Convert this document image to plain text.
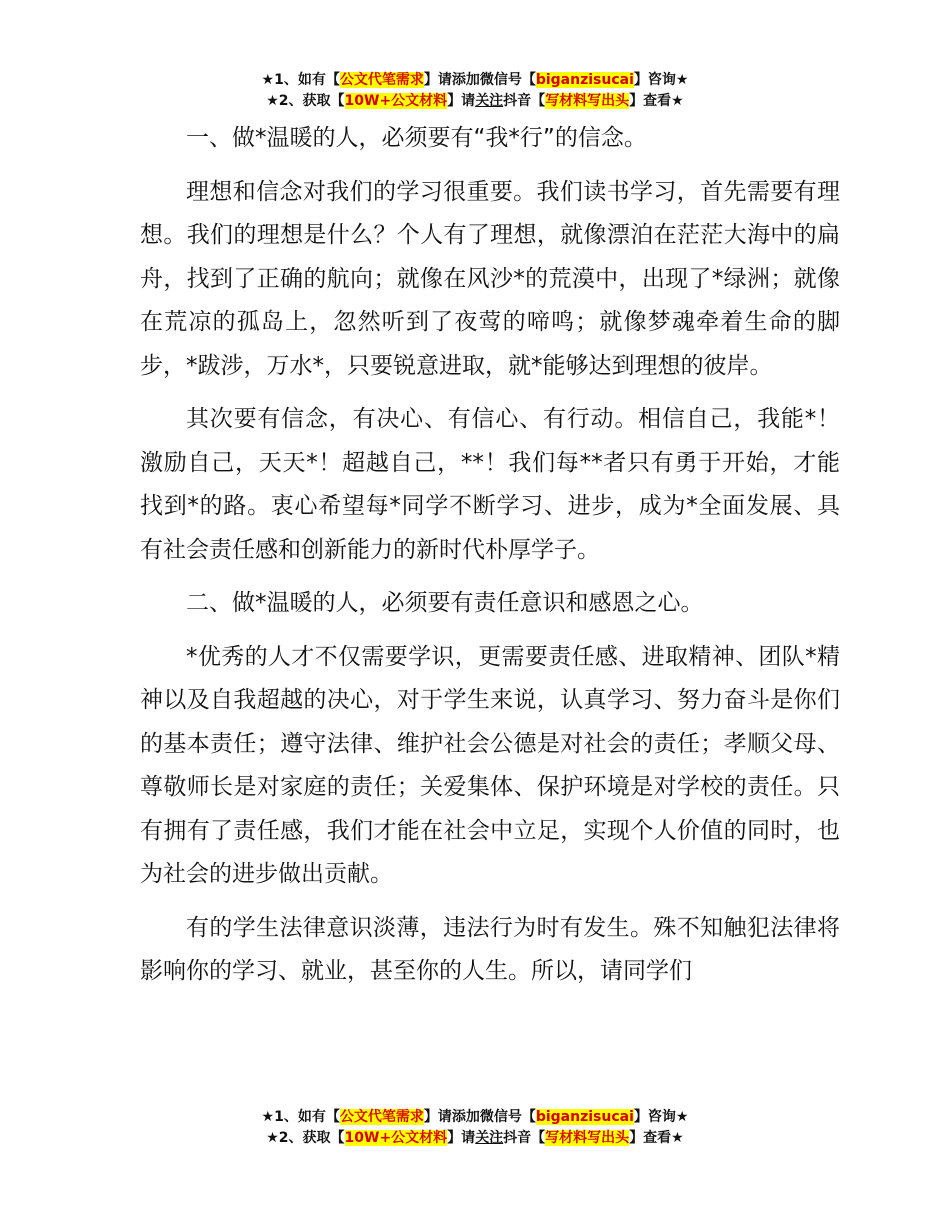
★1、如有【公文代笔需求】请添加微信号【biganzisucai】咨询★
★2、获取【10W+公文材料】请关注抖音【写材料写出头】查看★

一、做*温暖的人，必须要有“我*行”的信念。

理想和信念对我们的学习很重要。我们读书学习，首先需要有理想。我们的理想是什么？个人有了理想，就像漂泊在茫茫大海中的扁舟，找到了正确的航向；就像在风沙*的荒漠中，出现了*绿洲；就像在荒凉的孤岛上，忽然听到了夜莺的啼鸣；就像梦魂牵着生命的脚步，*跋涉，万水*，只要锐意进取，就*能够达到理想的彼岸。

其次要有信念，有决心、有信心、有行动。相信自己，我能*！激励自己，天天*！超越自己，**！我们每**者只有勇于开始，才能找到*的路。衷心希望每*同学不断学习、进步，成为*全面发展、具有社会责任感和创新能力的新时代朴厚学子。

二、做*温暖的人，必须要有责任意识和感恩之心。

*优秀的人才不仅需要学识，更需要责任感、进取精神、团队*精神以及自我超越的决心，对于学生来说，认真学习、努力奋斗是你们的基本责任；遵守法律、维护社会公德是对社会的责任；孝顺父母、尊敬师长是对家庭的责任；关爱集体、保护环境是对学校的责任。只有拥有了责任感，我们才能在社会中立足，实现个人价值的同时，也为社会的进步做出贡献。

有的学生法律意识淡薄，违法行为时有发生。殊不知触犯法律将影响你的学习、就业，甚至你的人生。所以，请同学们

★1、如有【公文代笔需求】请添加微信号【biganzisucai】咨询★
★2、获取【10W+公文材料】请关注抖音【写材料写出头】查看★
